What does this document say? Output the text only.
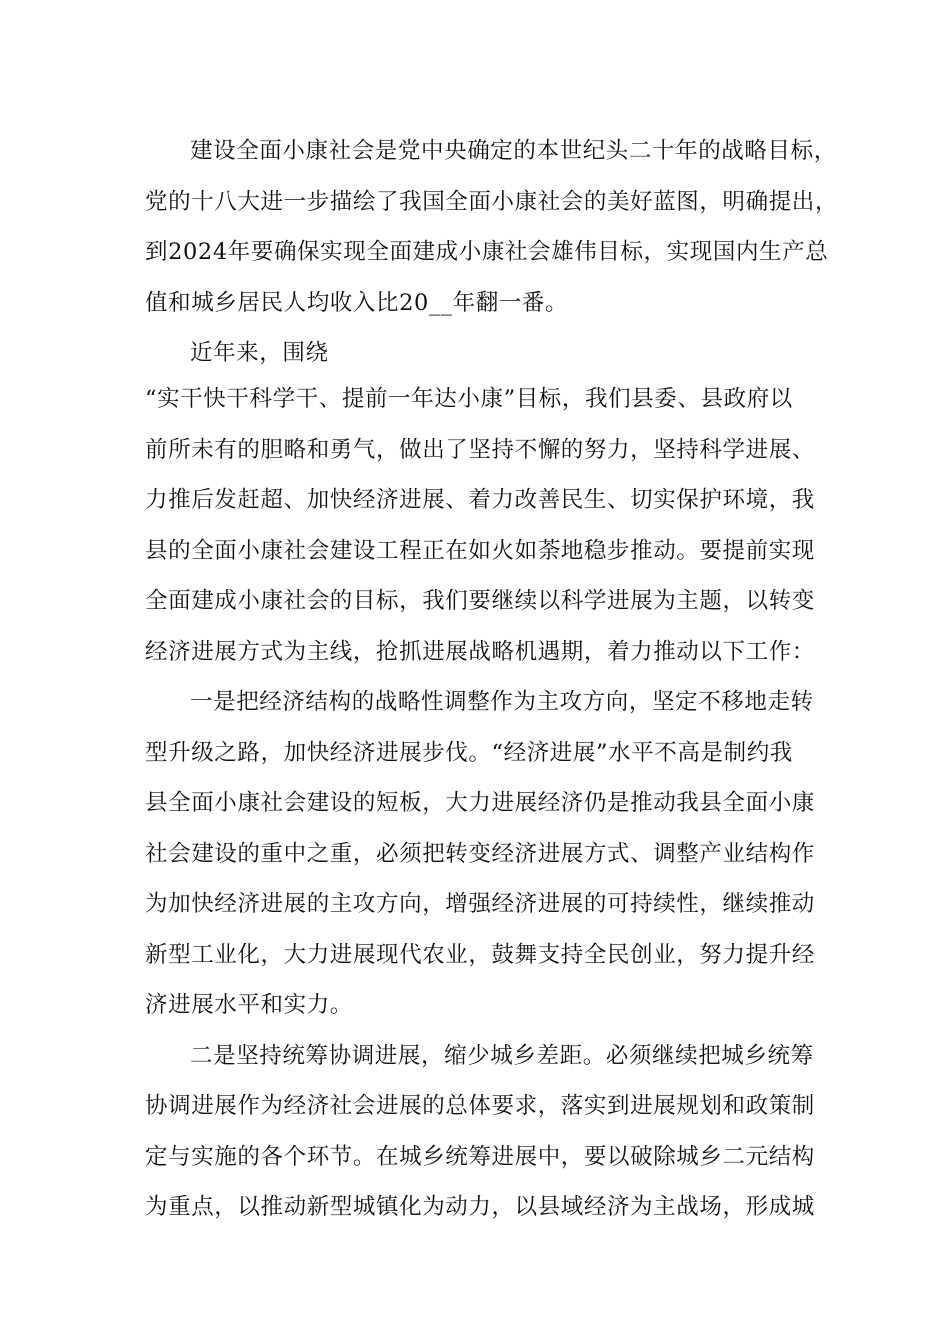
建设全面小康社会是党中央确定的本世纪头二十年的战略目标，
党的十八大进一步描绘了我国全面小康社会的美好蓝图，明确提出，
到2024年要确保实现全面建成小康社会雄伟目标，实现国内生产总
值和城乡居民人均收入比20__年翻一番。
近年来，围绕
“实干快干科学干、提前一年达小康”目标，我们县委、县政府以
前所未有的胆略和勇气，做出了坚持不懈的努力，坚持科学进展、
力推后发赶超、加快经济进展、着力改善民生、切实保护环境，我
县的全面小康社会建设工程正在如火如荼地稳步推动。要提前实现
全面建成小康社会的目标，我们要继续以科学进展为主题，以转变
经济进展方式为主线，抢抓进展战略机遇期，着力推动以下工作：
一是把经济结构的战略性调整作为主攻方向，坚定不移地走转
型升级之路，加快经济进展步伐。“经济进展”水平不高是制约我
县全面小康社会建设的短板，大力进展经济仍是推动我县全面小康
社会建设的重中之重，必须把转变经济进展方式、调整产业结构作
为加快经济进展的主攻方向，增强经济进展的可持续性，继续推动
新型工业化，大力进展现代农业，鼓舞支持全民创业，努力提升经
济进展水平和实力。
二是坚持统筹协调进展，缩少城乡差距。必须继续把城乡统筹
协调进展作为经济社会进展的总体要求，落实到进展规划和政策制
定与实施的各个环节。在城乡统筹进展中，要以破除城乡二元结构
为重点，以推动新型城镇化为动力，以县域经济为主战场，形成城
